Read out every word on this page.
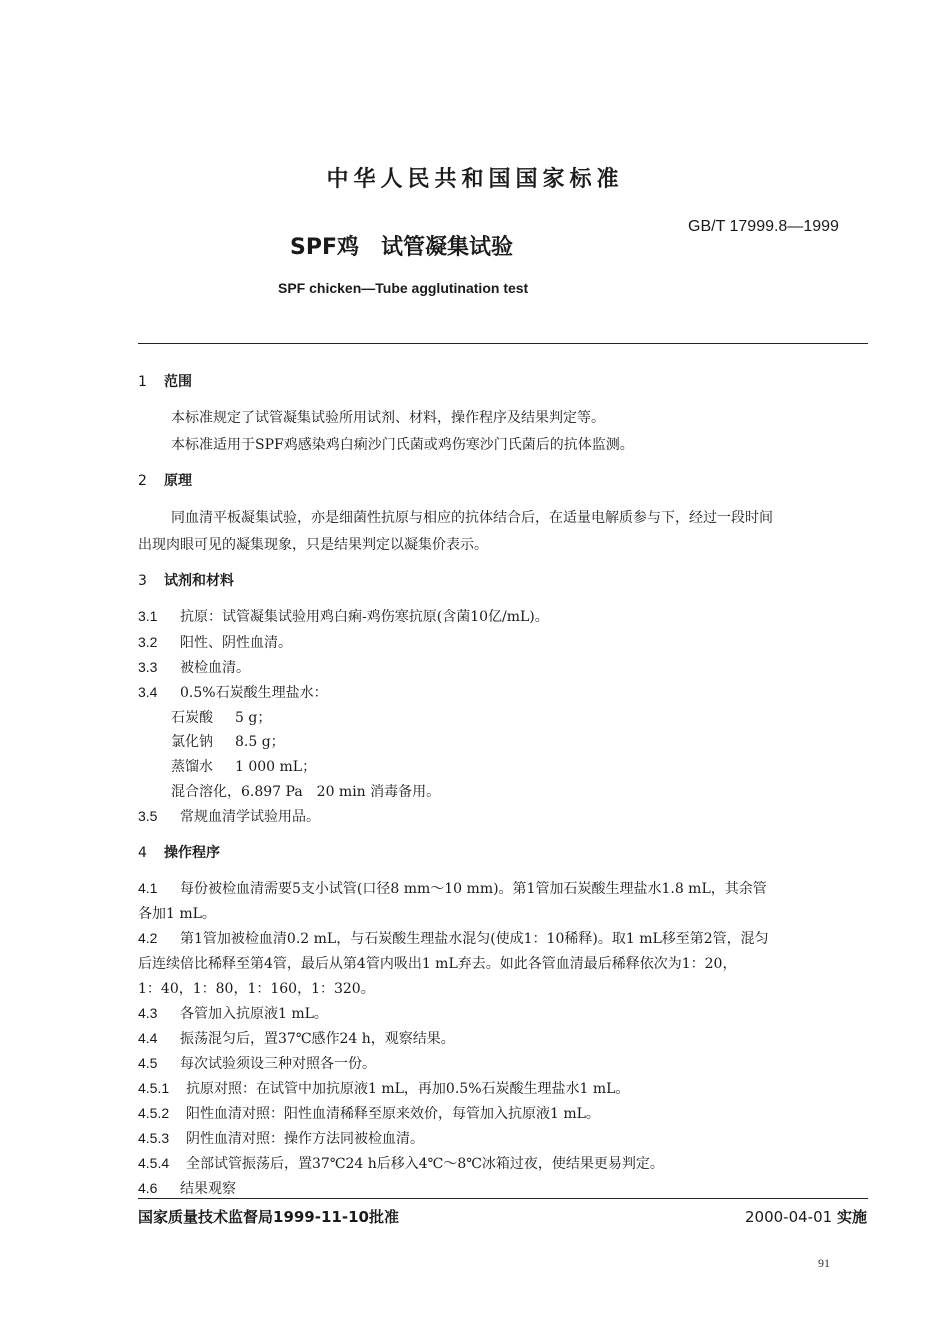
中华人民共和国国家标准
SPF鸡　试管凝集试验
GB/T 17999.8—1999
SPF chicken—Tube agglutination test
1 范围
本标准规定了试管凝集试验所用试剂、材料，操作程序及结果判定等。
本标准适用于SPF鸡感染鸡白痢沙门氏菌或鸡伤寒沙门氏菌后的抗体监测。
2 原理
同血清平板凝集试验，亦是细菌性抗原与相应的抗体结合后，在适量电解质参与下，经过一段时间
出现肉眼可见的凝集现象，只是结果判定以凝集价表示。
3 试剂和材料
3.1 抗原：试管凝集试验用鸡白痢-鸡伤寒抗原(含菌10亿/mL)。
3.2 阳性、阴性血清。
3.3 被检血清。
3.4 0.5%石炭酸生理盐水：
石炭酸 5 g；
氯化钠 8.5 g；
蒸馏水 1 000 mL；
混合溶化，6.897 Pa　20 min 消毒备用。
3.5 常规血清学试验用品。
4 操作程序
4.1 每份被检血清需要5支小试管(口径8 mm～10 mm)。第1管加石炭酸生理盐水1.8 mL，其余管
各加1 mL。
4.2 第1管加被检血清0.2 mL，与石炭酸生理盐水混匀(使成1：10稀释)。取1 mL移至第2管，混匀
后连续倍比稀释至第4管，最后从第4管内吸出1 mL弃去。如此各管血清最后稀释依次为1：20，
1：40，1：80，1：160，1：320。
4.3 各管加入抗原液1 mL。
4.4 振荡混匀后，置37℃感作24 h，观察结果。
4.5 每次试验须设三种对照各一份。
4.5.1 抗原对照：在试管中加抗原液1 mL，再加0.5%石炭酸生理盐水1 mL。
4.5.2 阳性血清对照：阳性血清稀释至原来效价，每管加入抗原液1 mL。
4.5.3 阴性血清对照：操作方法同被检血清。
4.5.4 全部试管振荡后，置37℃24 h后移入4℃～8℃冰箱过夜，使结果更易判定。
4.6 结果观察
国家质量技术监督局1999-11-10批准	2000-04-01 实施
91
